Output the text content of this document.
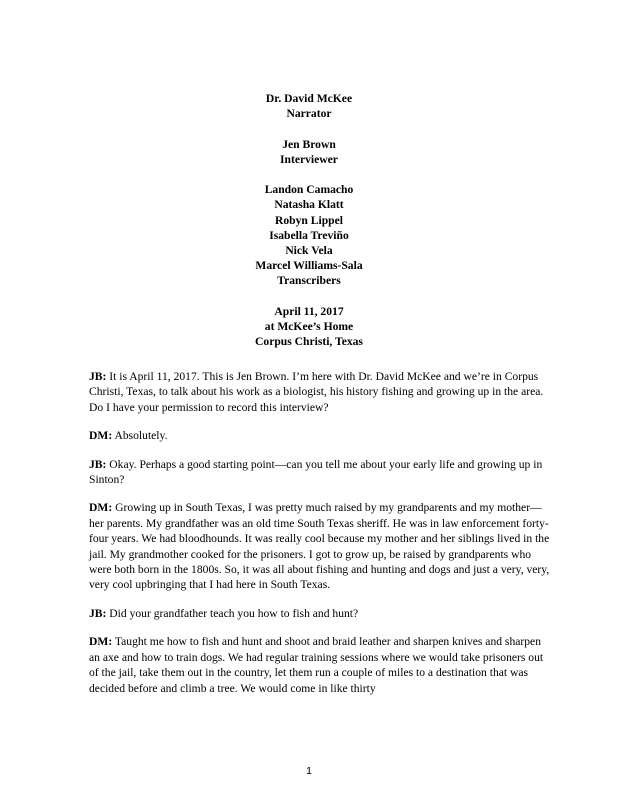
Dr. David McKee
Narrator
Jen Brown
Interviewer
Landon Camacho
Natasha Klatt
Robyn Lippel
Isabella Treviño
Nick Vela
Marcel Williams-Sala
Transcribers
April 11, 2017
at McKee’s Home
Corpus Christi, Texas

JB: It is April 11, 2017. This is Jen Brown. I’m here with Dr. David McKee and we’re in Corpus Christi, Texas, to talk about his work as a biologist, his history fishing and growing up in the area. Do I have your permission to record this interview?

DM: Absolutely.

JB: Okay. Perhaps a good starting point—can you tell me about your early life and growing up in Sinton?

DM: Growing up in South Texas, I was pretty much raised by my grandparents and my mother—her parents. My grandfather was an old time South Texas sheriff. He was in law enforcement forty-four years. We had bloodhounds. It was really cool because my mother and her siblings lived in the jail. My grandmother cooked for the prisoners. I got to grow up, be raised by grandparents who were both born in the 1800s. So, it was all about fishing and hunting and dogs and just a very, very, very cool upbringing that I had here in South Texas.

JB: Did your grandfather teach you how to fish and hunt?

DM: Taught me how to fish and hunt and shoot and braid leather and sharpen knives and sharpen an axe and how to train dogs. We had regular training sessions where we would take prisoners out of the jail, take them out in the country, let them run a couple of miles to a destination that was decided before and climb a tree. We would come in like thirty

1
